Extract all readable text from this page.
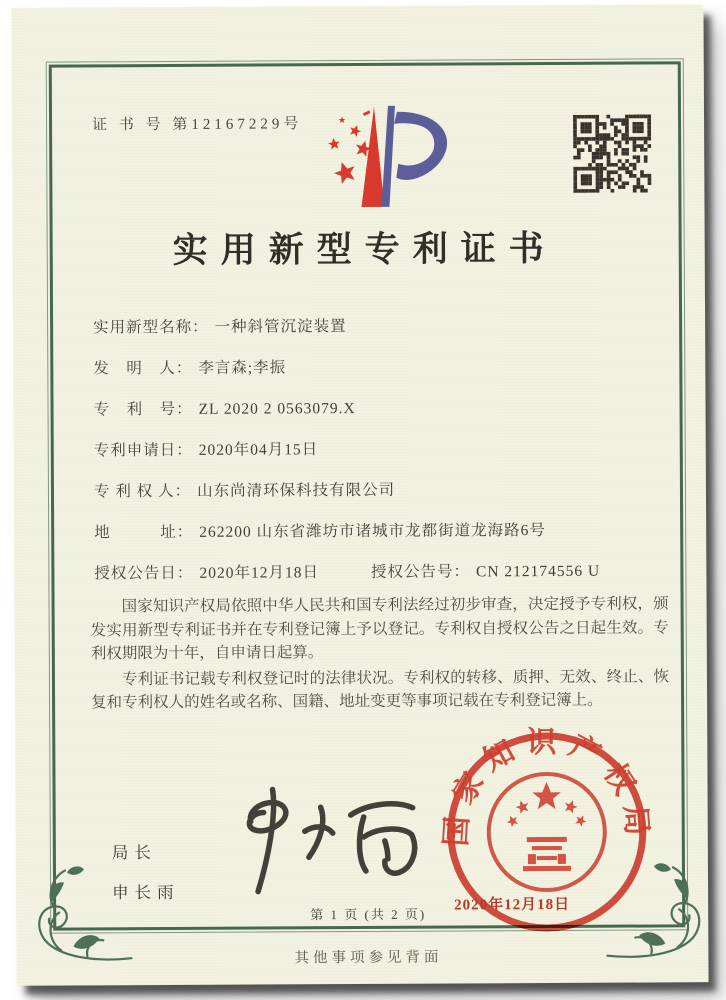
证 书 号 第12167229号
实用新型专利证书
实用新型名称： 一种斜管沉淀装置
发　明　人： 李言森;李振
专　利　号： ZL 2020 2 0563079.X
专利申请日： 2020年04月15日
专 利 权 人： 山东尚清环保科技有限公司
地　　　址： 262200 山东省潍坊市诸城市龙都街道龙海路6号
授权公告日： 2020年12月18日	授权公告号： CN 212174556 U

国家知识产权局依照中华人民共和国专利法经过初步审查，决定授予专利权，颁发实用新型专利证书并在专利登记簿上予以登记。专利权自授权公告之日起生效。专利权期限为十年，自申请日起算。

专利证书记载专利权登记时的法律状况。专利权的转移、质押、无效、终止、恢复和专利权人的姓名或名称、国籍、地址变更等事项记载在专利登记簿上。

局长
申长雨
国家知识产权局
2020年12月18日
第 1 页 (共 2 页)
其他事项参见背面
